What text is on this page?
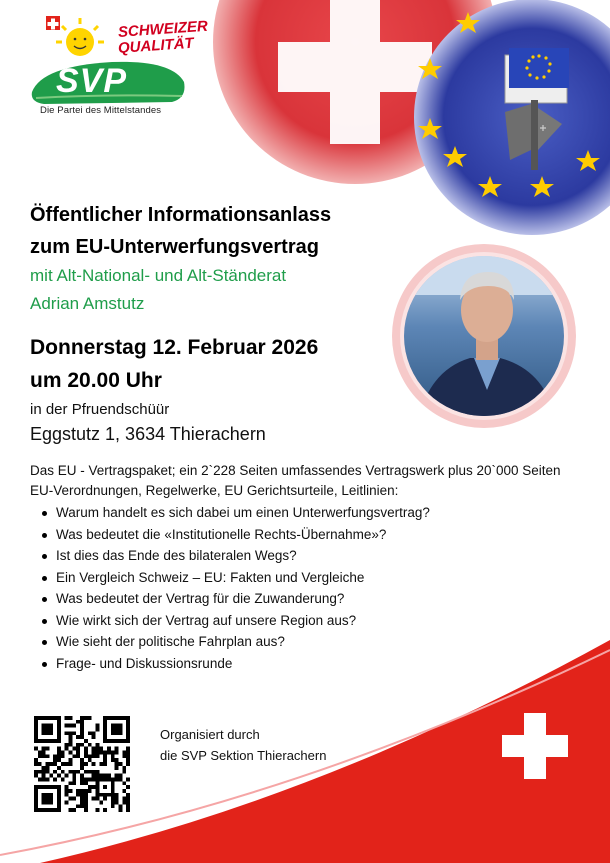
SCHWEIZER
QUALITÄT
SVP
Die Partei des Mittelstandes
Öffentlicher Informationsanlass
zum EU-Unterwerfungsvertrag
mit Alt-National- und Alt-Ständerat
Adrian Amstutz
Donnerstag 12. Februar 2026
um 20.00 Uhr
in der Pfruendschüür
Eggstutz 1, 3634 Thierachern
Das EU - Vertragspaket; ein 2`228 Seiten umfassendes Vertragswerk plus 20`000 Seiten EU-Verordnungen, Regelwerke, EU Gerichtsurteile, Leitlinien:
Warum handelt es sich dabei um einen Unterwerfungsvertrag?
Was bedeutet die «Institutionelle Rechts-Übernahme»?
Ist dies das Ende des bilateralen Wegs?
Ein Vergleich Schweiz – EU: Fakten und Vergleiche
Was bedeutet der Vertrag für die Zuwanderung?
Wie wirkt sich der Vertrag auf unsere Region aus?
Wie sieht der politische Fahrplan aus?
Frage- und Diskussionsrunde
Organisiert durch
die SVP Sektion Thierachern
